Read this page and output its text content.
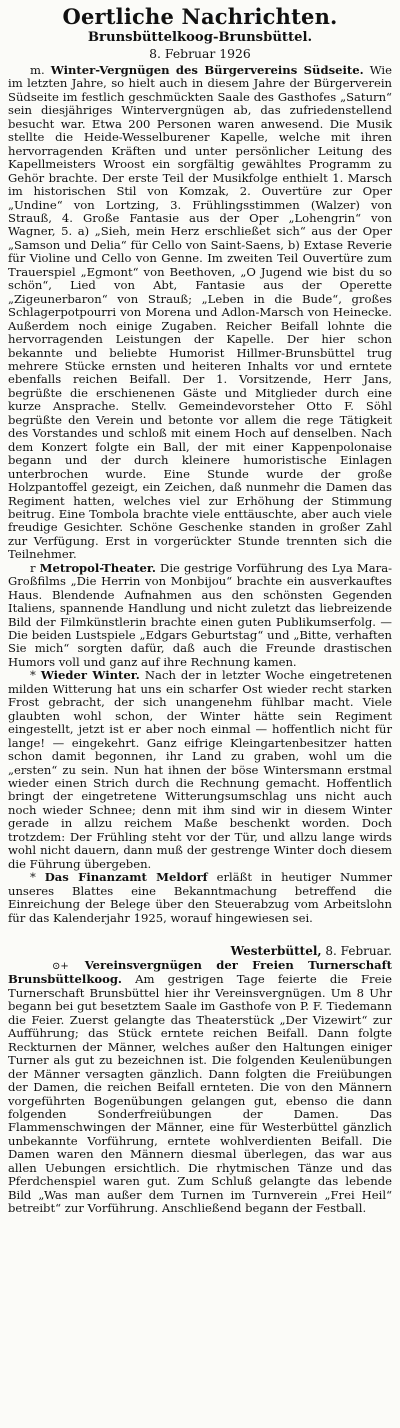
Oertliche Nachrichten.
Brunsbüttelkoog-Brunsbüttel.
8. Februar 1926

m. Winter-Vergnügen des Bürgervereins Südseite. Wie im letzten Jahre, so hielt auch in diesem Jahre der Bürgerverein Südseite im festlich geschmückten Saale des Gasthofes „Saturn“ sein diesjähriges Wintervergnügen ab, das zufriedenstellend besucht war. Etwa 200 Personen waren anwesend. Die Musik stellte die Heide-Wesselburener Kapelle, welche mit ihren hervorragenden Kräften und unter persönlicher Leitung des Kapellmeisters Wroost ein sorgfältig gewähltes Programm zu Gehör brachte. Der erste Teil der Musikfolge enthielt 1. Marsch im historischen Stil von Komzak, 2. Ouvertüre zur Oper „Undine“ von Lortzing, 3. Frühlingsstimmen (Walzer) von Strauß, 4. Große Fantasie aus der Oper „Lohengrin“ von Wagner, 5. a) „Sieh, mein Herz erschließet sich“ aus der Oper „Samson und Delia“ für Cello von Saint-Saens, b) Extase Reverie für Violine und Cello von Genne. Im zweiten Teil Ouvertüre zum Trauerspiel „Egmont“ von Beethoven, „O Jugend wie bist du so schön“, Lied von Abt, Fantasie aus der Operette „Zigeunerbaron“ von Strauß; „Leben in die Bude“, großes Schlagerpotpourri von Morena und Adlon-Marsch von Heinecke. Außerdem noch einige Zugaben. Reicher Beifall lohnte die hervorragenden Leistungen der Kapelle. Der hier schon bekannte und beliebte Humorist Hillmer-Brunsbüttel trug mehrere Stücke ernsten und heiteren Inhalts vor und erntete ebenfalls reichen Beifall. Der 1. Vorsitzende, Herr Jans, begrüßte die erschienenen Gäste und Mitglieder durch eine kurze Ansprache. Stellv. Gemeindevorsteher Otto F. Söhl begrüßte den Verein und betonte vor allem die rege Tätigkeit des Vorstandes und schloß mit einem Hoch auf denselben. Nach dem Konzert folgte ein Ball, der mit einer Kappenpolonaise begann und der durch kleinere humoristische Einlagen unterbrochen wurde. Eine Stunde wurde der große Holzpantoffel gezeigt, ein Zeichen, daß nunmehr die Damen das Regiment hatten, welches viel zur Erhöhung der Stimmung beitrug. Eine Tombola brachte viele enttäuschte, aber auch viele freudige Gesichter. Schöne Geschenke standen in großer Zahl zur Verfügung. Erst in vorgerückter Stunde trennten sich die Teilnehmer.

r Metropol-Theater. Die gestrige Vorführung des Lya Mara-Großfilms „Die Herrin von Monbijou“ brachte ein ausverkauftes Haus. Blendende Aufnahmen aus den schönsten Gegenden Italiens, spannende Handlung und nicht zuletzt das liebreizende Bild der Filmkünstlerin brachte einen guten Publikumserfolg. — Die beiden Lustspiele „Edgars Geburtstag“ und „Bitte, verhaften Sie mich“ sorgten dafür, daß auch die Freunde drastischen Humors voll und ganz auf ihre Rechnung kamen.

* Wieder Winter. Nach der in letzter Woche eingetretenen milden Witterung hat uns ein scharfer Ost wieder recht starken Frost gebracht, der sich unangenehm fühlbar macht. Viele glaubten wohl schon, der Winter hätte sein Regiment eingestellt, jetzt ist er aber noch einmal — hoffentlich nicht für lange! — eingekehrt. Ganz eifrige Kleingartenbesitzer hatten schon damit begonnen, ihr Land zu graben, wohl um die „ersten“ zu sein. Nun hat ihnen der böse Wintersmann erstmal wieder einen Strich durch die Rechnung gemacht. Hoffentlich bringt der eingetretene Witterungsumschlag uns nicht auch noch wieder Schnee; denn mit ihm sind wir in diesem Winter gerade in allzu reichem Maße beschenkt worden. Doch trotzdem: Der Frühling steht vor der Tür, und allzu lange wirds wohl nicht dauern, dann muß der gestrenge Winter doch diesem die Führung übergeben.

* Das Finanzamt Meldorf erläßt in heutiger Nummer unseres Blattes eine Bekanntmachung betreffend die Einreichung der Belege über den Steuerabzug vom Arbeitslohn für das Kalenderjahr 1925, worauf hingewiesen sei.

Westerbüttel, 8. Februar.

⊙+ Vereinsvergnügen der Freien Turnerschaft Brunsbüttelkoog. Am gestrigen Tage feierte die Freie Turnerschaft Brunsbüttel hier ihr Vereinsvergnügen. Um 8 Uhr begann bei gut besetztem Saale im Gasthofe von P. F. Tiedemann die Feier. Zuerst gelangte das Theaterstück „Der Vizewirt“ zur Aufführung; das Stück erntete reichen Beifall. Dann folgte Reckturnen der Männer, welches außer den Haltungen einiger Turner als gut zu bezeichnen ist. Die folgenden Keulenübungen der Männer versagten gänzlich. Dann folgten die Freiübungen der Damen, die reichen Beifall ernteten. Die von den Männern vorgeführten Bogenübungen gelangen gut, ebenso die dann folgenden Sonderfreiübungen der Damen. Das Flammenschwingen der Männer, eine für Westerbüttel gänzlich unbekannte Vorführung, erntete wohlverdienten Beifall. Die Damen waren den Männern diesmal überlegen, das war aus allen Uebungen ersichtlich. Die rhytmischen Tänze und das Pferdchenspiel waren gut. Zum Schluß gelangte das lebende Bild „Was man außer dem Turnen im Turnverein „Frei Heil“ betreibt“ zur Vorführung. Anschließend begann der Festball.
